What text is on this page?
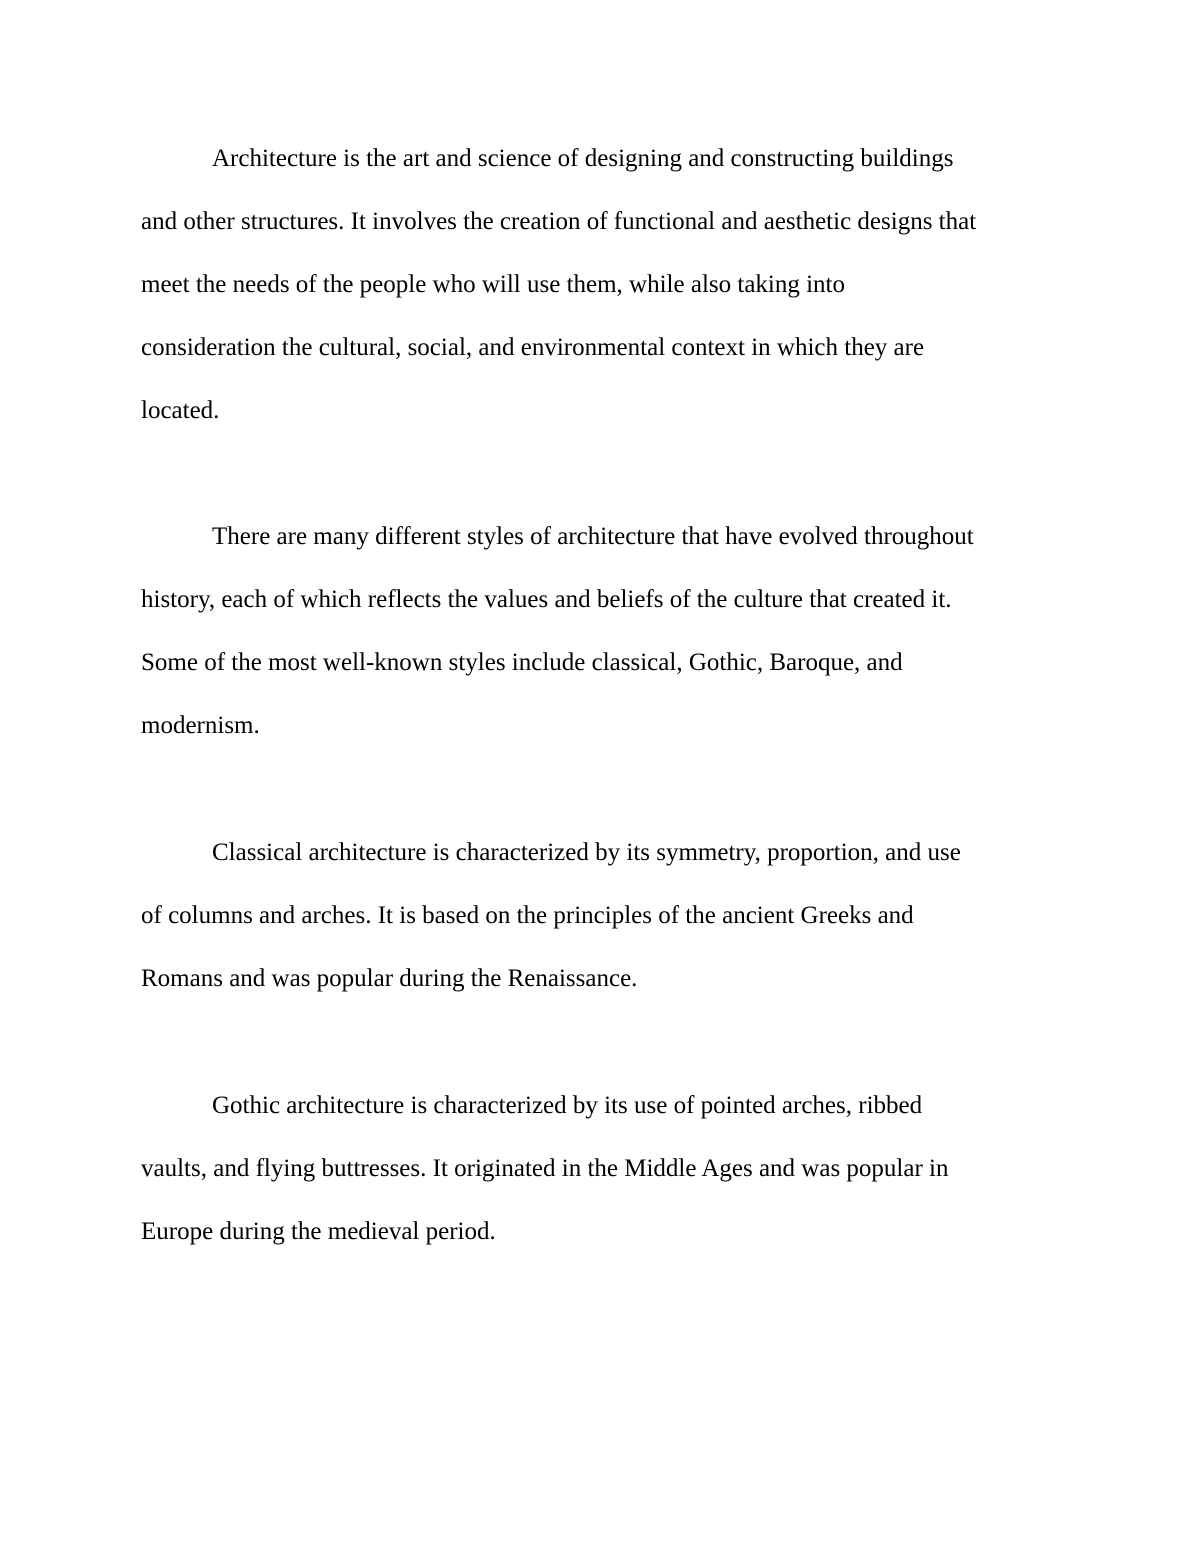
Architecture is the art and science of designing and constructing buildings

and other structures. It involves the creation of functional and aesthetic designs that

meet the needs of the people who will use them, while also taking into

consideration the cultural, social, and environmental context in which they are

located.

There are many different styles of architecture that have evolved throughout

history, each of which reflects the values and beliefs of the culture that created it.

Some of the most well-known styles include classical, Gothic, Baroque, and

modernism.

Classical architecture is characterized by its symmetry, proportion, and use

of columns and arches. It is based on the principles of the ancient Greeks and

Romans and was popular during the Renaissance.

Gothic architecture is characterized by its use of pointed arches, ribbed

vaults, and flying buttresses. It originated in the Middle Ages and was popular in

Europe during the medieval period.
